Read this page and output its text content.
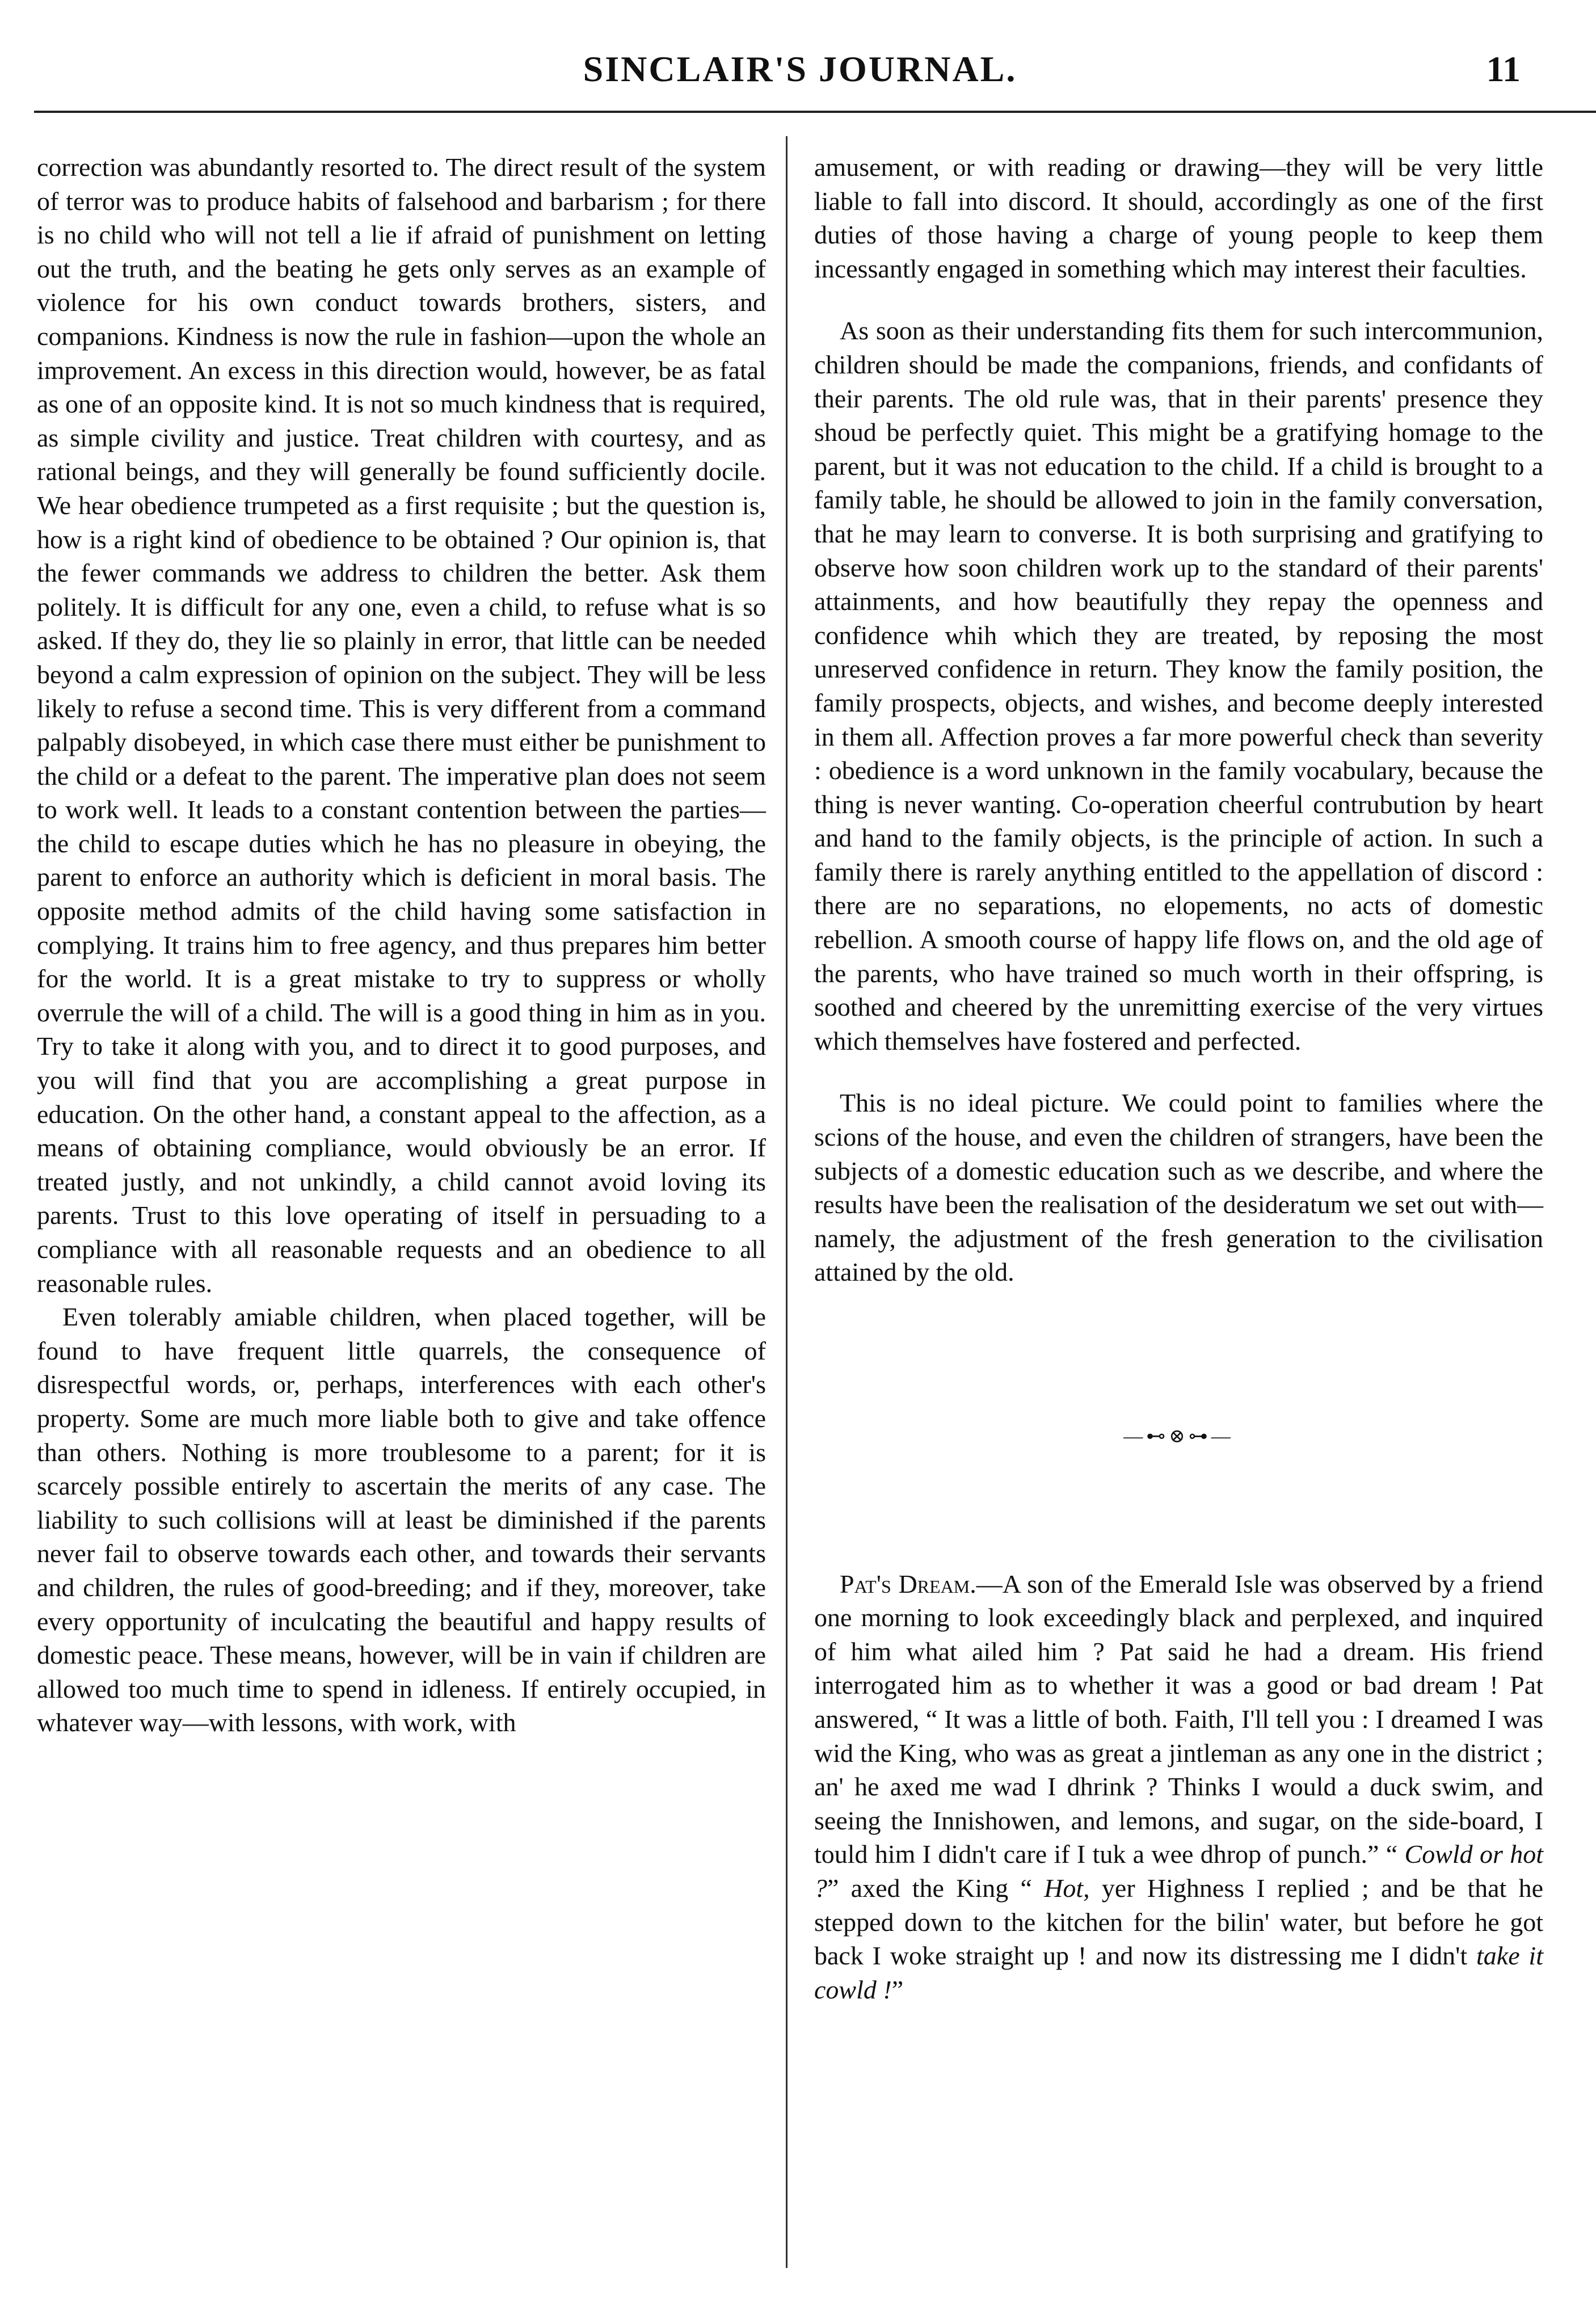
SINCLAIR'S JOURNAL.	11

correction was abundantly resorted to. The direct result of the system of terror was to produce habits of falsehood and barbarism ; for there is no child who will not tell a lie if afraid of punishment on letting out the truth, and the beating he gets only serves as an example of violence for his own conduct towards brothers, sisters, and companions. Kindness is now the rule in fashion—upon the whole an improvement. An excess in this direction would, however, be as fatal as one of an opposite kind. It is not so much kindness that is required, as simple civility and justice. Treat children with courtesy, and as rational beings, and they will generally be found sufficiently docile. We hear obedience trumpeted as a first requisite ; but the question is, how is a right kind of obedience to be obtained ? Our opinion is, that the fewer commands we address to children the better. Ask them politely. It is difficult for any one, even a child, to refuse what is so asked. If they do, they lie so plainly in error, that little can be needed beyond a calm expression of opinion on the subject. They will be less likely to refuse a second time. This is very different from a command palpably disobeyed, in which case there must either be punishment to the child or a defeat to the parent. The imperative plan does not seem to work well. It leads to a constant contention between the parties—the child to escape duties which he has no pleasure in obeying, the parent to enforce an authority which is deficient in moral basis. The opposite method admits of the child having some satisfaction in complying. It trains him to free agency, and thus prepares him better for the world. It is a great mistake to try to suppress or wholly overrule the will of a child. The will is a good thing in him as in you. Try to take it along with you, and to direct it to good purposes, and you will find that you are accomplishing a great purpose in education. On the other hand, a constant appeal to the affection, as a means of obtaining compliance, would obviously be an error. If treated justly, and not unkindly, a child cannot avoid loving its parents. Trust to this love operating of itself in persuading to a compliance with all reasonable requests and an obedience to all reasonable rules.

Even tolerably amiable children, when placed together, will be found to have frequent little quarrels, the consequence of disrespectful words, or, perhaps, interferences with each other's property. Some are much more liable both to give and take offence than others. Nothing is more troublesome to a parent; for it is scarcely possible entirely to ascertain the merits of any case. The liability to such collisions will at least be diminished if the parents never fail to observe towards each other, and towards their servants and children, the rules of good-breeding; and if they, moreover, take every opportunity of inculcating the beautiful and happy results of domestic peace. These means, however, will be in vain if children are allowed too much time to spend in idleness. If entirely occupied, in whatever way—with lessons, with work, with

amusement, or with reading or drawing—they will be very little liable to fall into discord. It should, accordingly as one of the first duties of those having a charge of young people to keep them incessantly engaged in something which may interest their faculties.

As soon as their understanding fits them for such intercommunion, children should be made the companions, friends, and confidants of their parents. The old rule was, that in their parents' presence they shoud be perfectly quiet. This might be a gratifying homage to the parent, but it was not education to the child. If a child is brought to a family table, he should be allowed to join in the family conversation, that he may learn to converse. It is both surprising and gratifying to observe how soon children work up to the standard of their parents' attainments, and how beautifully they repay the openness and confidence whih which they are treated, by reposing the most unreserved confidence in return. They know the family position, the family prospects, objects, and wishes, and become deeply interested in them all. Affection proves a far more powerful check than severity : obedience is a word unknown in the family vocabulary, because the thing is never wanting. Co-operation cheerful contrubution by heart and hand to the family objects, is the principle of action. In such a family there is rarely anything entitled to the appellation of discord : there are no separations, no elopements, no acts of domestic rebellion. A smooth course of happy life flows on, and the old age of the parents, who have trained so much worth in their offspring, is soothed and cheered by the unremitting exercise of the very virtues which themselves have fostered and perfected.

This is no ideal picture. We could point to families where the scions of the house, and even the children of strangers, have been the subjects of a domestic education such as we describe, and where the results have been the realisation of the desideratum we set out with—namely, the adjustment of the fresh generation to the civilisation attained by the old.

—⊷⊗⊶—

Pat's Dream.—A son of the Emerald Isle was observed by a friend one morning to look exceedingly black and perplexed, and inquired of him what ailed him ? Pat said he had a dream. His friend interrogated him as to whether it was a good or bad dream ! Pat answered, “ It was a little of both. Faith, I'll tell you : I dreamed I was wid the King, who was as great a jintleman as any one in the district ; an' he axed me wad I dhrink ? Thinks I would a duck swim, and seeing the Innishowen, and lemons, and sugar, on the side-board, I tould him I didn't care if I tuk a wee dhrop of punch.” “ Cowld or hot ?” axed the King “ Hot, yer Highness I replied ; and be that he stepped down to the kitchen for the bilin' water, but before he got back I woke straight up ! and now its distressing me I didn't take it cowld !”
